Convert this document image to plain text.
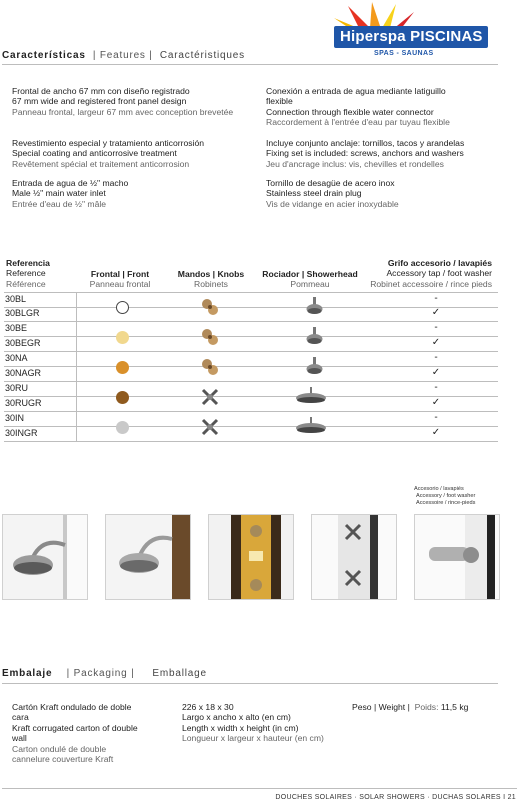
Hiperspa PISCINAS
SPAS - SAUNAS
Características | Features | Caractéristiques
Frontal de ancho 67 mm con diseño registrado
67 mm wide and registered front panel design
Panneau frontal, largeur 67 mm avec conception brevetée
Revestimiento especial y tratamiento anticorrosión
Special coating and anticorrosive treatment
Revêtement spécial et traitement anticorrosion
Entrada de agua de ½" macho
Male ½" main water inlet
Entrée d'eau de ½" mâle
Conexión a entrada de agua mediante latiguillo flexible
Connection through flexible water connector
Raccordement à l'entrée d'eau par tuyau flexible
Incluye conjunto anclaje: tornillos, tacos y arandelas
Fixing set is included: screws, anchors and washers
Jeu d'ancrage inclus: vis, chevilles et rondelles
Tornillo de desagüe de acero inox
Stainless steel drain plug
Vis de vidange en acier inoxydable
Referencia
Reference
Référence
Frontal | Front
Panneau frontal
Mandos | Knobs
Robinets
Rociador | Showerhead
Pommeau
Grifo accesorio / lavapiés
Accessory tap / foot washer
Robinet accessoire / rince pieds
30BL	-
30BLGR	✓
30BE	-
30BEGR	✓
30NA	-
30NAGR	✓
30RU	-
30RUGR	✓
30IN	-
30INGR	✓
Accesorio / lavapiés
Accessory / foot washer
Accessoire / rince-pieds
Embalaje | Packaging | Emballage
Cartón Kraft ondulado de doble cara
Kraft corrugated carton of double wall
Carton ondulé de double cannelure couverture Kraft
226 x 18 x 30
Largo x ancho x alto (en cm)
Length x width x height (in cm)
Longueur x largeur x hauteur (en cm)
Peso | Weight | Poids: 11,5 kg
DOUCHES SOLAIRES · SOLAR SHOWERS · DUCHAS SOLARES I 21
